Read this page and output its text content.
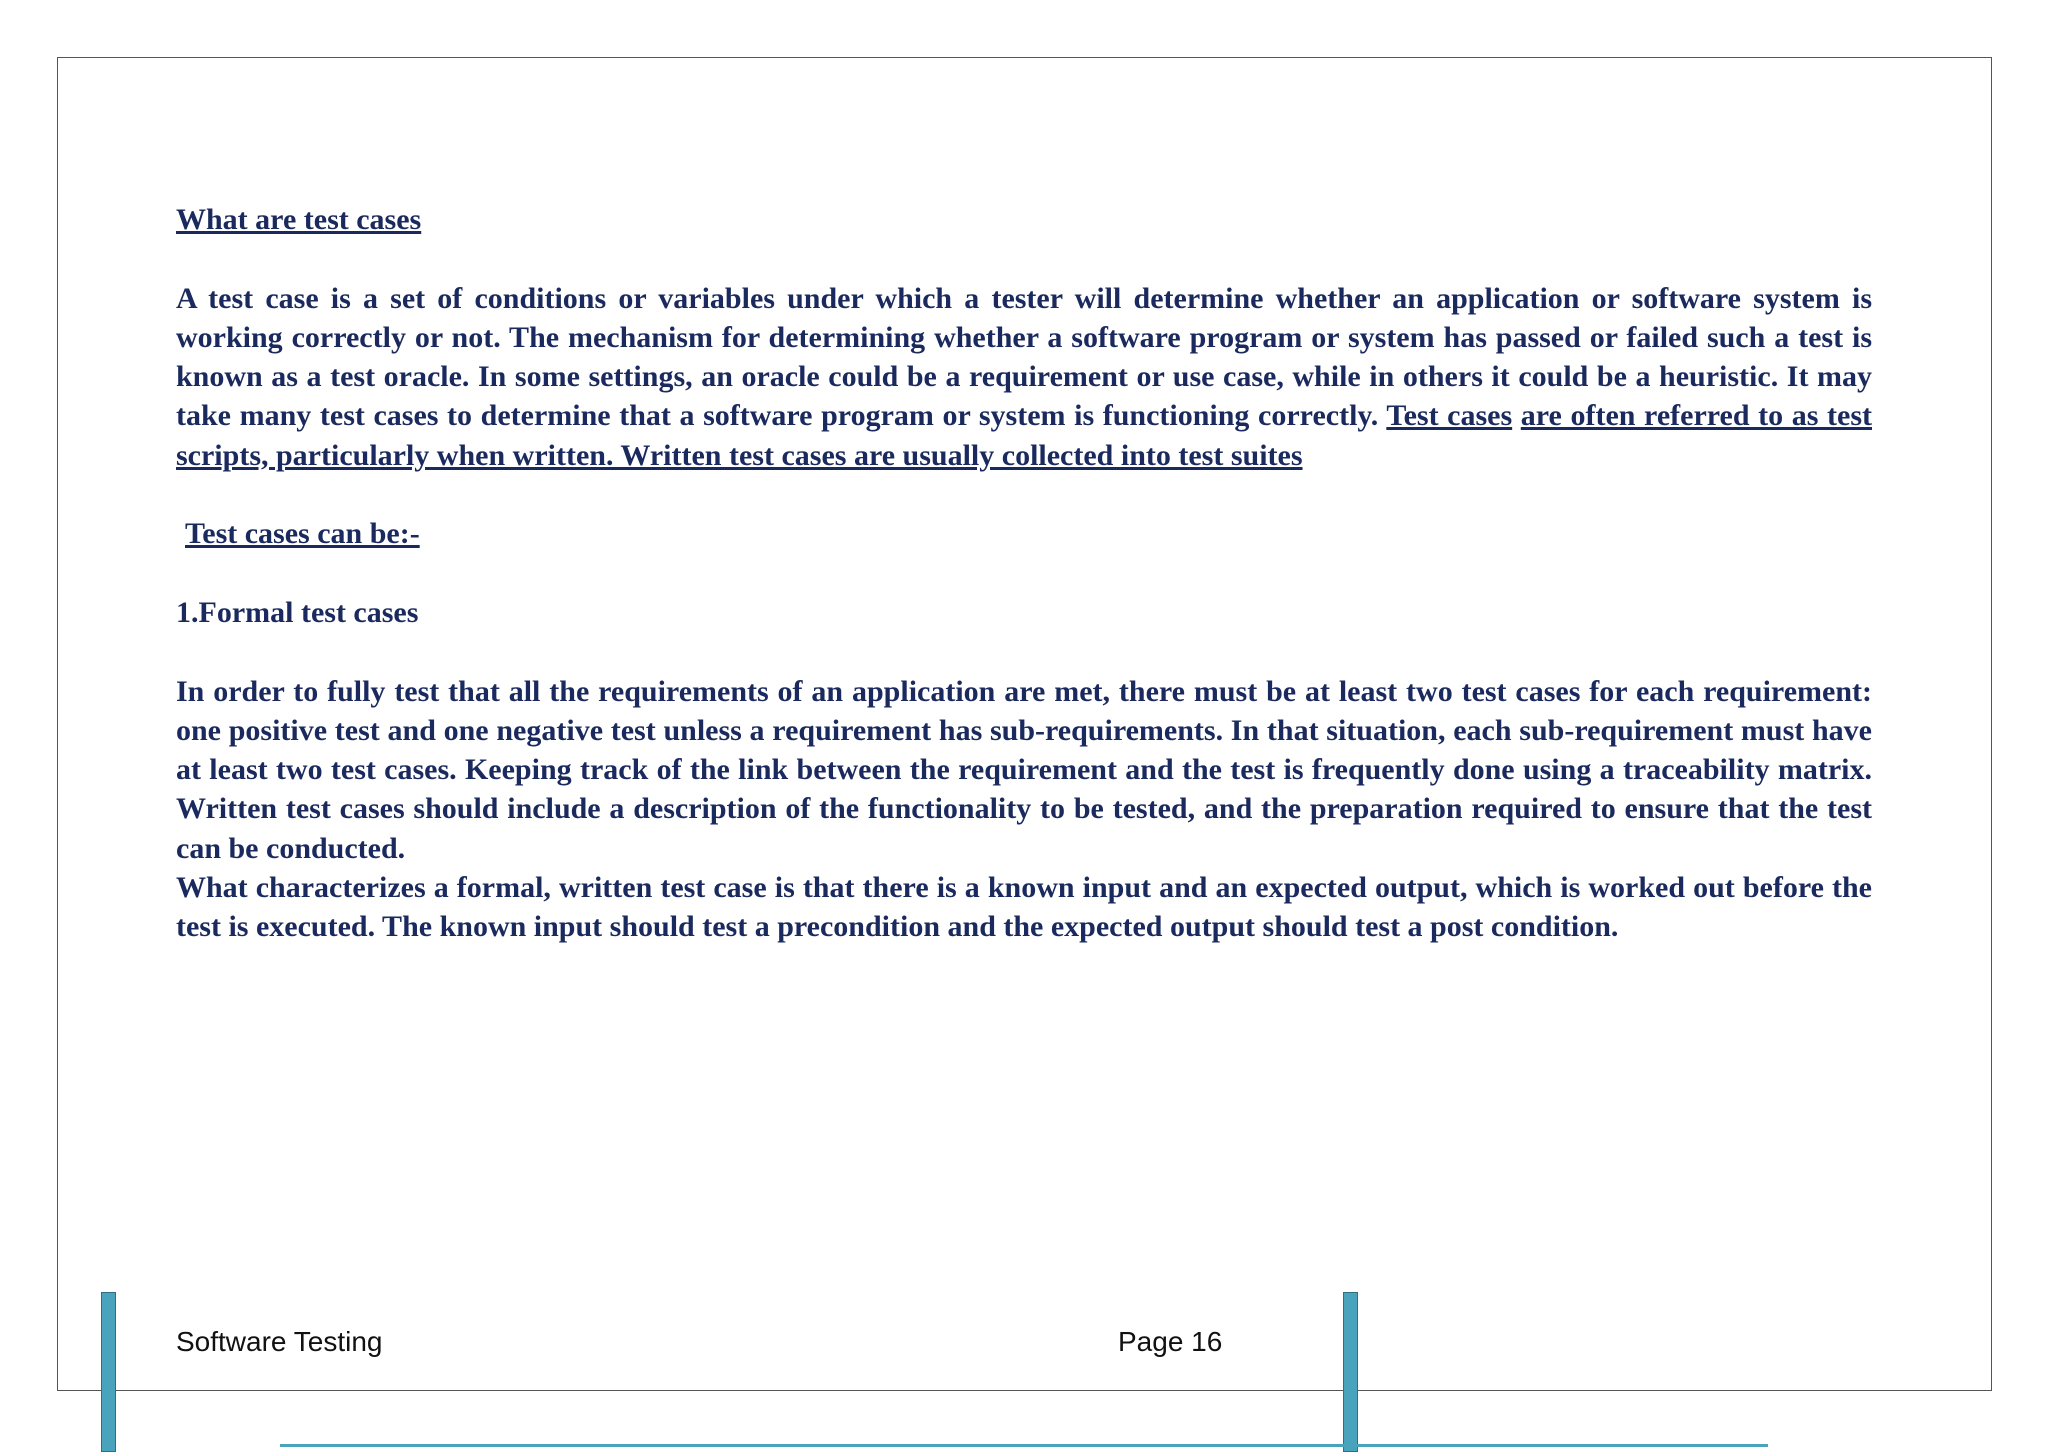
What are test cases

A test case is a set of conditions or variables under which a tester will determine whether an application or software system is working correctly or not. The mechanism for determining whether a software program or system has passed or failed such a test is known as a test oracle. In some settings, an oracle could be a requirement or use case, while in others it could be a heuristic. It may take many test cases to determine that a software program or system is functioning correctly. Test cases are often referred to as test scripts, particularly when written. Written test cases are usually collected into test suites

Test cases can be:-

1.Formal test cases

In order to fully test that all the requirements of an application are met, there must be at least two test cases for each requirement: one positive test and one negative test unless a requirement has sub-requirements. In that situation, each sub-requirement must have at least two test cases. Keeping track of the link between the requirement and the test is frequently done using a traceability matrix. Written test cases should include a description of the functionality to be tested, and the preparation required to ensure that the test can be conducted.

What characterizes a formal, written test case is that there is a known input and an expected output, which is worked out before the test is executed. The known input should test a precondition and the expected output should test a post condition.

Software Testing	Page 16
